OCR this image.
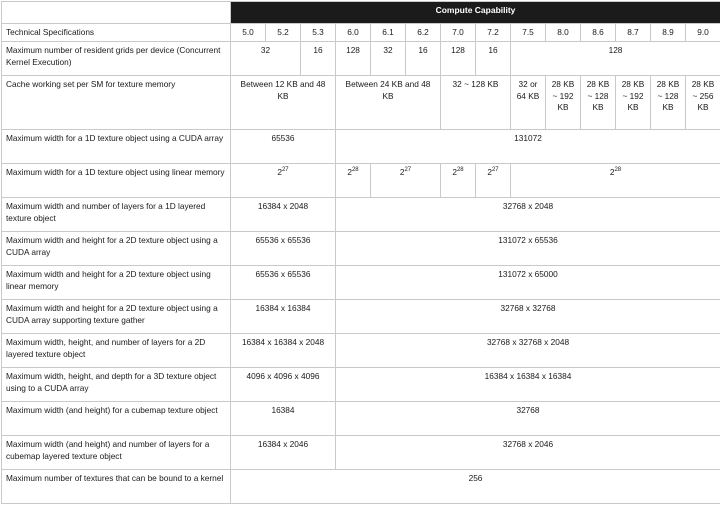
	Compute Capability													
Technical Specifications	5.0	5.2	5.3	6.0	6.1	6.2	7.0	7.2	7.5	8.0	8.6	8.7	8.9	9.0
Maximum number of resident grids per device (Concurrent Kernel Execution)	32		16	128	32	16	128	16	128					
Cache working set per SM for texture memory	Between 12 KB and 48 KB			Between 24 KB and 48 KB			32 ~ 128 KB		32 or 64 KB	28 KB ~ 192 KB	28 KB ~ 128 KB	28 KB ~ 192 KB	28 KB ~ 128 KB	28 KB ~ 256 KB
Maximum width for a 1D texture object using a CUDA array	65536			131072										
Maximum width for a 1D texture object using linear memory	$2^{27}$			$2^{28}$	$2^{27}$		$2^{28}$	$2^{27}$	$2^{28}$
Maximum width and number of layers for a 1D layered texture object	16384 x 2048			32768 x 2048										
Maximum width and height for a 2D texture object using a CUDA array	65536 x 65536			131072 x 65536										
Maximum width and height for a 2D texture object using linear memory	65536 x 65536			131072 x 65000										
Maximum width and height for a 2D texture object using a CUDA array supporting texture gather	16384 x 16384			32768 x 32768										
Maximum width, height, and number of layers for a 2D layered texture object	16384 x 16384 x 2048			32768 x 32768 x 2048										
Maximum width, height, and depth for a 3D texture object using to a CUDA array	4096 x 4096 x 4096			16384 x 16384 x 16384										
Maximum width (and height) for a cubemap texture object	16384			32768										
Maximum width (and height) and number of layers for a cubemap layered texture object	16384 x 2046			32768 x 2046										
Maximum number of textures that can be bound to a kernel	256													
